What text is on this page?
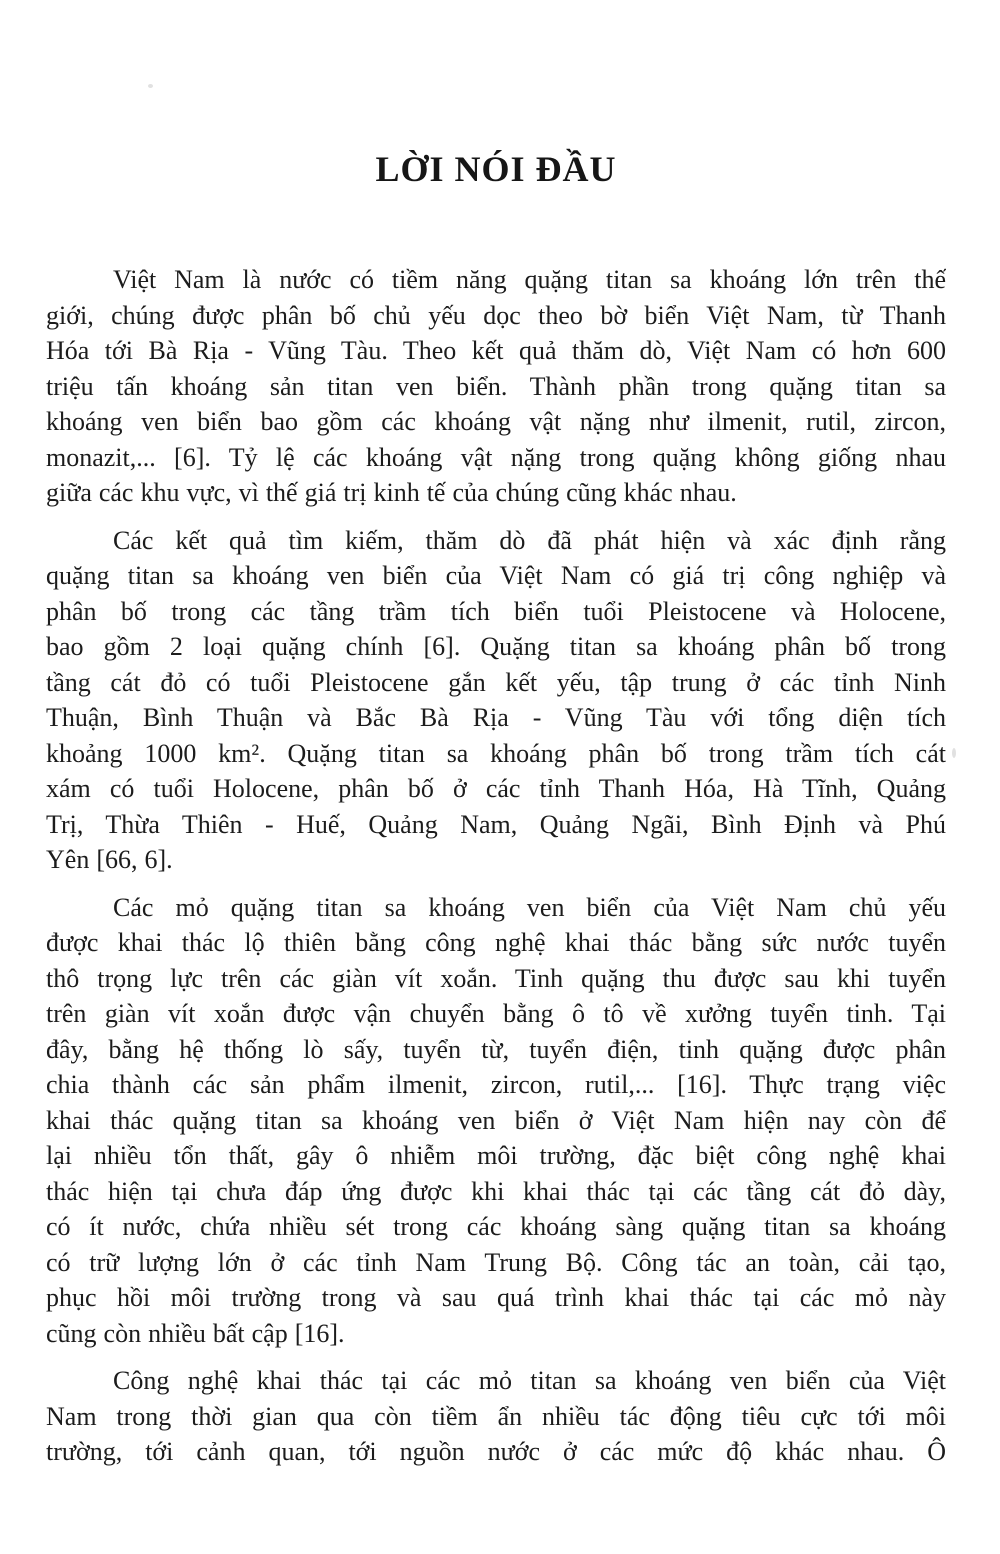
LỜI NÓI ĐẦU

Việt Nam là nước có tiềm năng quặng titan sa khoáng lớn trên thế
giới, chúng được phân bố chủ yếu dọc theo bờ biển Việt Nam, từ Thanh
Hóa tới Bà Rịa - Vũng Tàu. Theo kết quả thăm dò, Việt Nam có hơn 600
triệu tấn khoáng sản titan ven biển. Thành phần trong quặng titan sa
khoáng ven biển bao gồm các khoáng vật nặng như ilmenit, rutil, zircon,
monazit,... [6]. Tỷ lệ các khoáng vật nặng trong quặng không giống nhau
giữa các khu vực, vì thế giá trị kinh tế của chúng cũng khác nhau.

Các kết quả tìm kiếm, thăm dò đã phát hiện và xác định rằng
quặng titan sa khoáng ven biển của Việt Nam có giá trị công nghiệp và
phân bố trong các tầng trầm tích biển tuổi Pleistocene và Holocene,
bao gồm 2 loại quặng chính [6]. Quặng titan sa khoáng phân bố trong
tầng cát đỏ có tuổi Pleistocene gắn kết yếu, tập trung ở các tỉnh Ninh
Thuận, Bình Thuận và Bắc Bà Rịa - Vũng Tàu với tổng diện tích
khoảng 1000 km². Quặng titan sa khoáng phân bố trong trầm tích cát
xám có tuổi Holocene, phân bố ở các tỉnh Thanh Hóa, Hà Tĩnh, Quảng
Trị, Thừa Thiên - Huế, Quảng Nam, Quảng Ngãi, Bình Định và Phú
Yên [66, 6].

Các mỏ quặng titan sa khoáng ven biển của Việt Nam chủ yếu
được khai thác lộ thiên bằng công nghệ khai thác bằng sức nước tuyển
thô trọng lực trên các giàn vít xoắn. Tinh quặng thu được sau khi tuyển
trên giàn vít xoắn được vận chuyển bằng ô tô về xưởng tuyển tinh. Tại
đây, bằng hệ thống lò sấy, tuyển từ, tuyển điện, tinh quặng được phân
chia thành các sản phẩm ilmenit, zircon, rutil,... [16]. Thực trạng việc
khai thác quặng titan sa khoáng ven biển ở Việt Nam hiện nay còn để
lại nhiều tổn thất, gây ô nhiễm môi trường, đặc biệt công nghệ khai
thác hiện tại chưa đáp ứng được khi khai thác tại các tầng cát đỏ dày,
có ít nước, chứa nhiều sét trong các khoáng sàng quặng titan sa khoáng
có trữ lượng lớn ở các tỉnh Nam Trung Bộ. Công tác an toàn, cải tạo,
phục hồi môi trường trong và sau quá trình khai thác tại các mỏ này
cũng còn nhiều bất cập [16].

Công nghệ khai thác tại các mỏ titan sa khoáng ven biển của Việt
Nam trong thời gian qua còn tiềm ẩn nhiều tác động tiêu cực tới môi
trường, tới cảnh quan, tới nguồn nước ở các mức độ khác nhau. Ô
